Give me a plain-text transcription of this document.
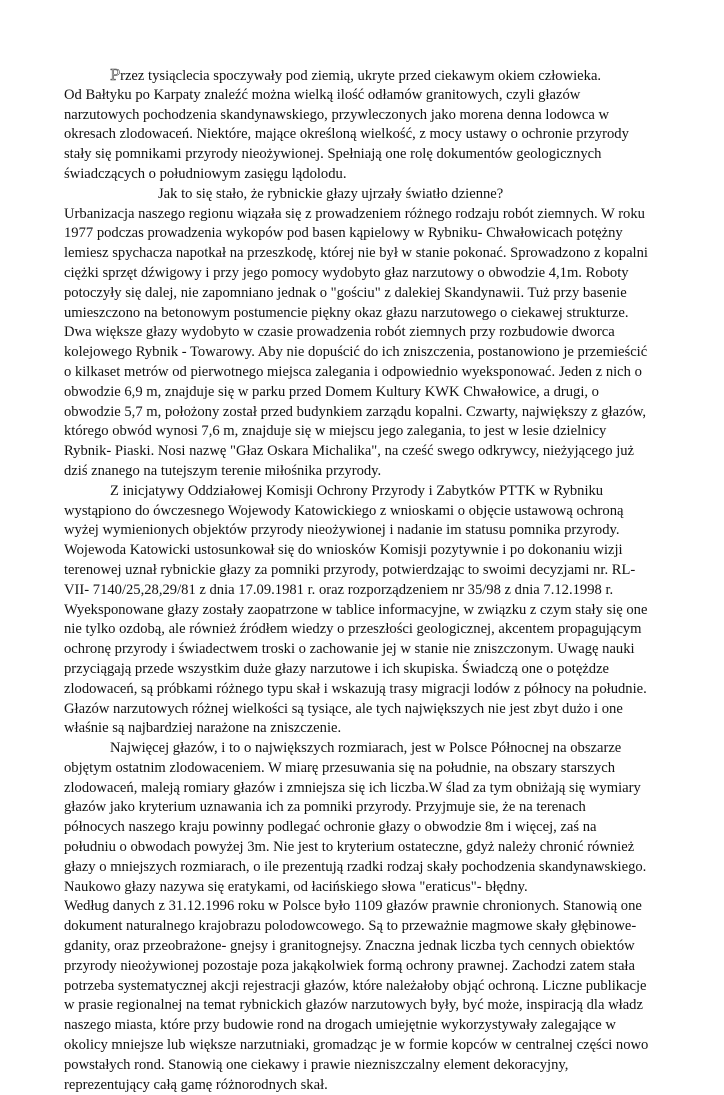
Przez tysiąclecia spoczywały pod ziemią, ukryte przed ciekawym okiem człowieka.
Od Bałtyku po Karpaty znaleźć można wielką ilość odłamów granitowych, czyli głazów
narzutowych pochodzenia skandynawskiego, przywleczonych jako morena denna lodowca w
okresach zlodowaceń. Niektóre, mające określoną wielkość, z mocy ustawy o ochronie przyrody
stały się pomnikami przyrody nieożywionej. Spełniają one rolę dokumentów geologicznych
świadczących o południowym zasięgu lądolodu.
Jak to się stało, że rybnickie głazy ujrzały światło dzienne?
Urbanizacja naszego regionu wiązała się z prowadzeniem różnego rodzaju robót ziemnych. W roku
1977 podczas prowadzenia wykopów pod basen kąpielowy w Rybniku- Chwałowicach potężny
lemiesz spychacza napotkał na przeszkodę, której nie był w stanie pokonać. Sprowadzono z kopalni
ciężki sprzęt dźwigowy i przy jego pomocy wydobyto głaz narzutowy o obwodzie 4,1m. Roboty
potoczyły się dalej, nie zapomniano jednak o "gościu" z dalekiej Skandynawii. Tuż przy basenie
umieszczono na betonowym postumencie piękny okaz głazu narzutowego o ciekawej strukturze.
Dwa większe głazy wydobyto w czasie prowadzenia robót ziemnych przy rozbudowie dworca
kolejowego Rybnik - Towarowy. Aby nie dopuścić do ich zniszczenia, postanowiono je przemieścić
o kilkaset metrów od pierwotnego miejsca zalegania i odpowiednio wyeksponować. Jeden z nich o
obwodzie 6,9 m, znajduje się w parku przed Domem Kultury KWK Chwałowice, a drugi, o
obwodzie 5,7 m, położony został przed budynkiem zarządu kopalni. Czwarty, największy z głazów,
którego obwód wynosi 7,6 m, znajduje się w miejscu jego zalegania, to jest w lesie dzielnicy
Rybnik- Piaski. Nosi nazwę "Głaz Oskara Michalika", na cześć swego odkrywcy, nieżyjącego już
dziś znanego na tutejszym terenie miłośnika przyrody.
Z inicjatywy Oddziałowej Komisji Ochrony Przyrody i Zabytków PTTK w Rybniku
wystąpiono do ówczesnego Wojewody Katowickiego z wnioskami o objęcie ustawową ochroną
wyżej wymienionych objektów przyrody nieożywionej i nadanie im statusu pomnika przyrody.
Wojewoda Katowicki ustosunkował się do wniosków Komisji pozytywnie i po dokonaniu wizji
terenowej uznał rybnickie głazy za pomniki przyrody, potwierdzając to swoimi decyzjami nr. RL-
VII- 7140/25,28,29/81 z dnia 17.09.1981 r. oraz rozporządzeniem nr 35/98 z dnia 7.12.1998 r.
Wyeksponowane głazy zostały zaopatrzone w tablice informacyjne, w związku z czym stały się one
nie tylko ozdobą, ale również źródłem wiedzy o przeszłości geologicznej, akcentem propagującym
ochronę przyrody i świadectwem troski o zachowanie jej w stanie nie zniszczonym. Uwagę nauki
przyciągają przede wszystkim duże głazy narzutowe i ich skupiska. Świadczą one o potężdze
zlodowaceń, są próbkami różnego typu skał i wskazują trasy migracji lodów z północy na południe.
Głazów narzutowych różnej wielkości są tysiące, ale tych największych nie jest zbyt dużo i one
właśnie są najbardziej narażone na zniszczenie.
Najwięcej głazów, i to o największych rozmiarach, jest w Polsce Północnej na obszarze
objętym ostatnim zlodowaceniem. W miarę przesuwania się na południe, na obszary starszych
zlodowaceń, maleją romiary głazów i zmniejsza się ich liczba.W ślad za tym obniżają się wymiary
głazów jako kryterium uznawania ich za pomniki przyrody. Przyjmuje sie, że na terenach
północych naszego kraju powinny podlegać ochronie głazy o obwodzie 8m i więcej, zaś na
południu o obwodach powyżej 3m. Nie jest to kryterium ostateczne, gdyż należy chronić również
głazy o mniejszych rozmiarach, o ile prezentują rzadki rodzaj skały pochodzenia skandynawskiego.
Naukowo głazy nazywa się eratykami, od łacińskiego słowa "eraticus"- błędny.
Według danych z 31.12.1996 roku w Polsce było 1109 głazów prawnie chronionych. Stanowią one
dokument naturalnego krajobrazu polodowcowego. Są to przeważnie magmowe skały głębinowe-
gdanity, oraz przeobrażone- gnejsy i granitognejsy. Znaczna jednak liczba tych cennych obiektów
przyrody nieożywionej pozostaje poza jakąkolwiek formą ochrony prawnej. Zachodzi zatem stała
potrzeba systematycznej akcji rejestracji głazów, które należałoby objąć ochroną. Liczne publikacje
w prasie regionalnej na temat rybnickich głazów narzutowych były, być może, inspiracją dla władz
naszego miasta, które przy budowie rond na drogach umiejętnie wykorzystywały zalegające w
okolicy mniejsze lub większe narzutniaki, gromadząc je w formie kopców w centralnej części nowo
powstałych rond. Stanowią one ciekawy i prawie niezniszczalny element dekoracyjny,
reprezentujący całą gamę różnorodnych skał.
